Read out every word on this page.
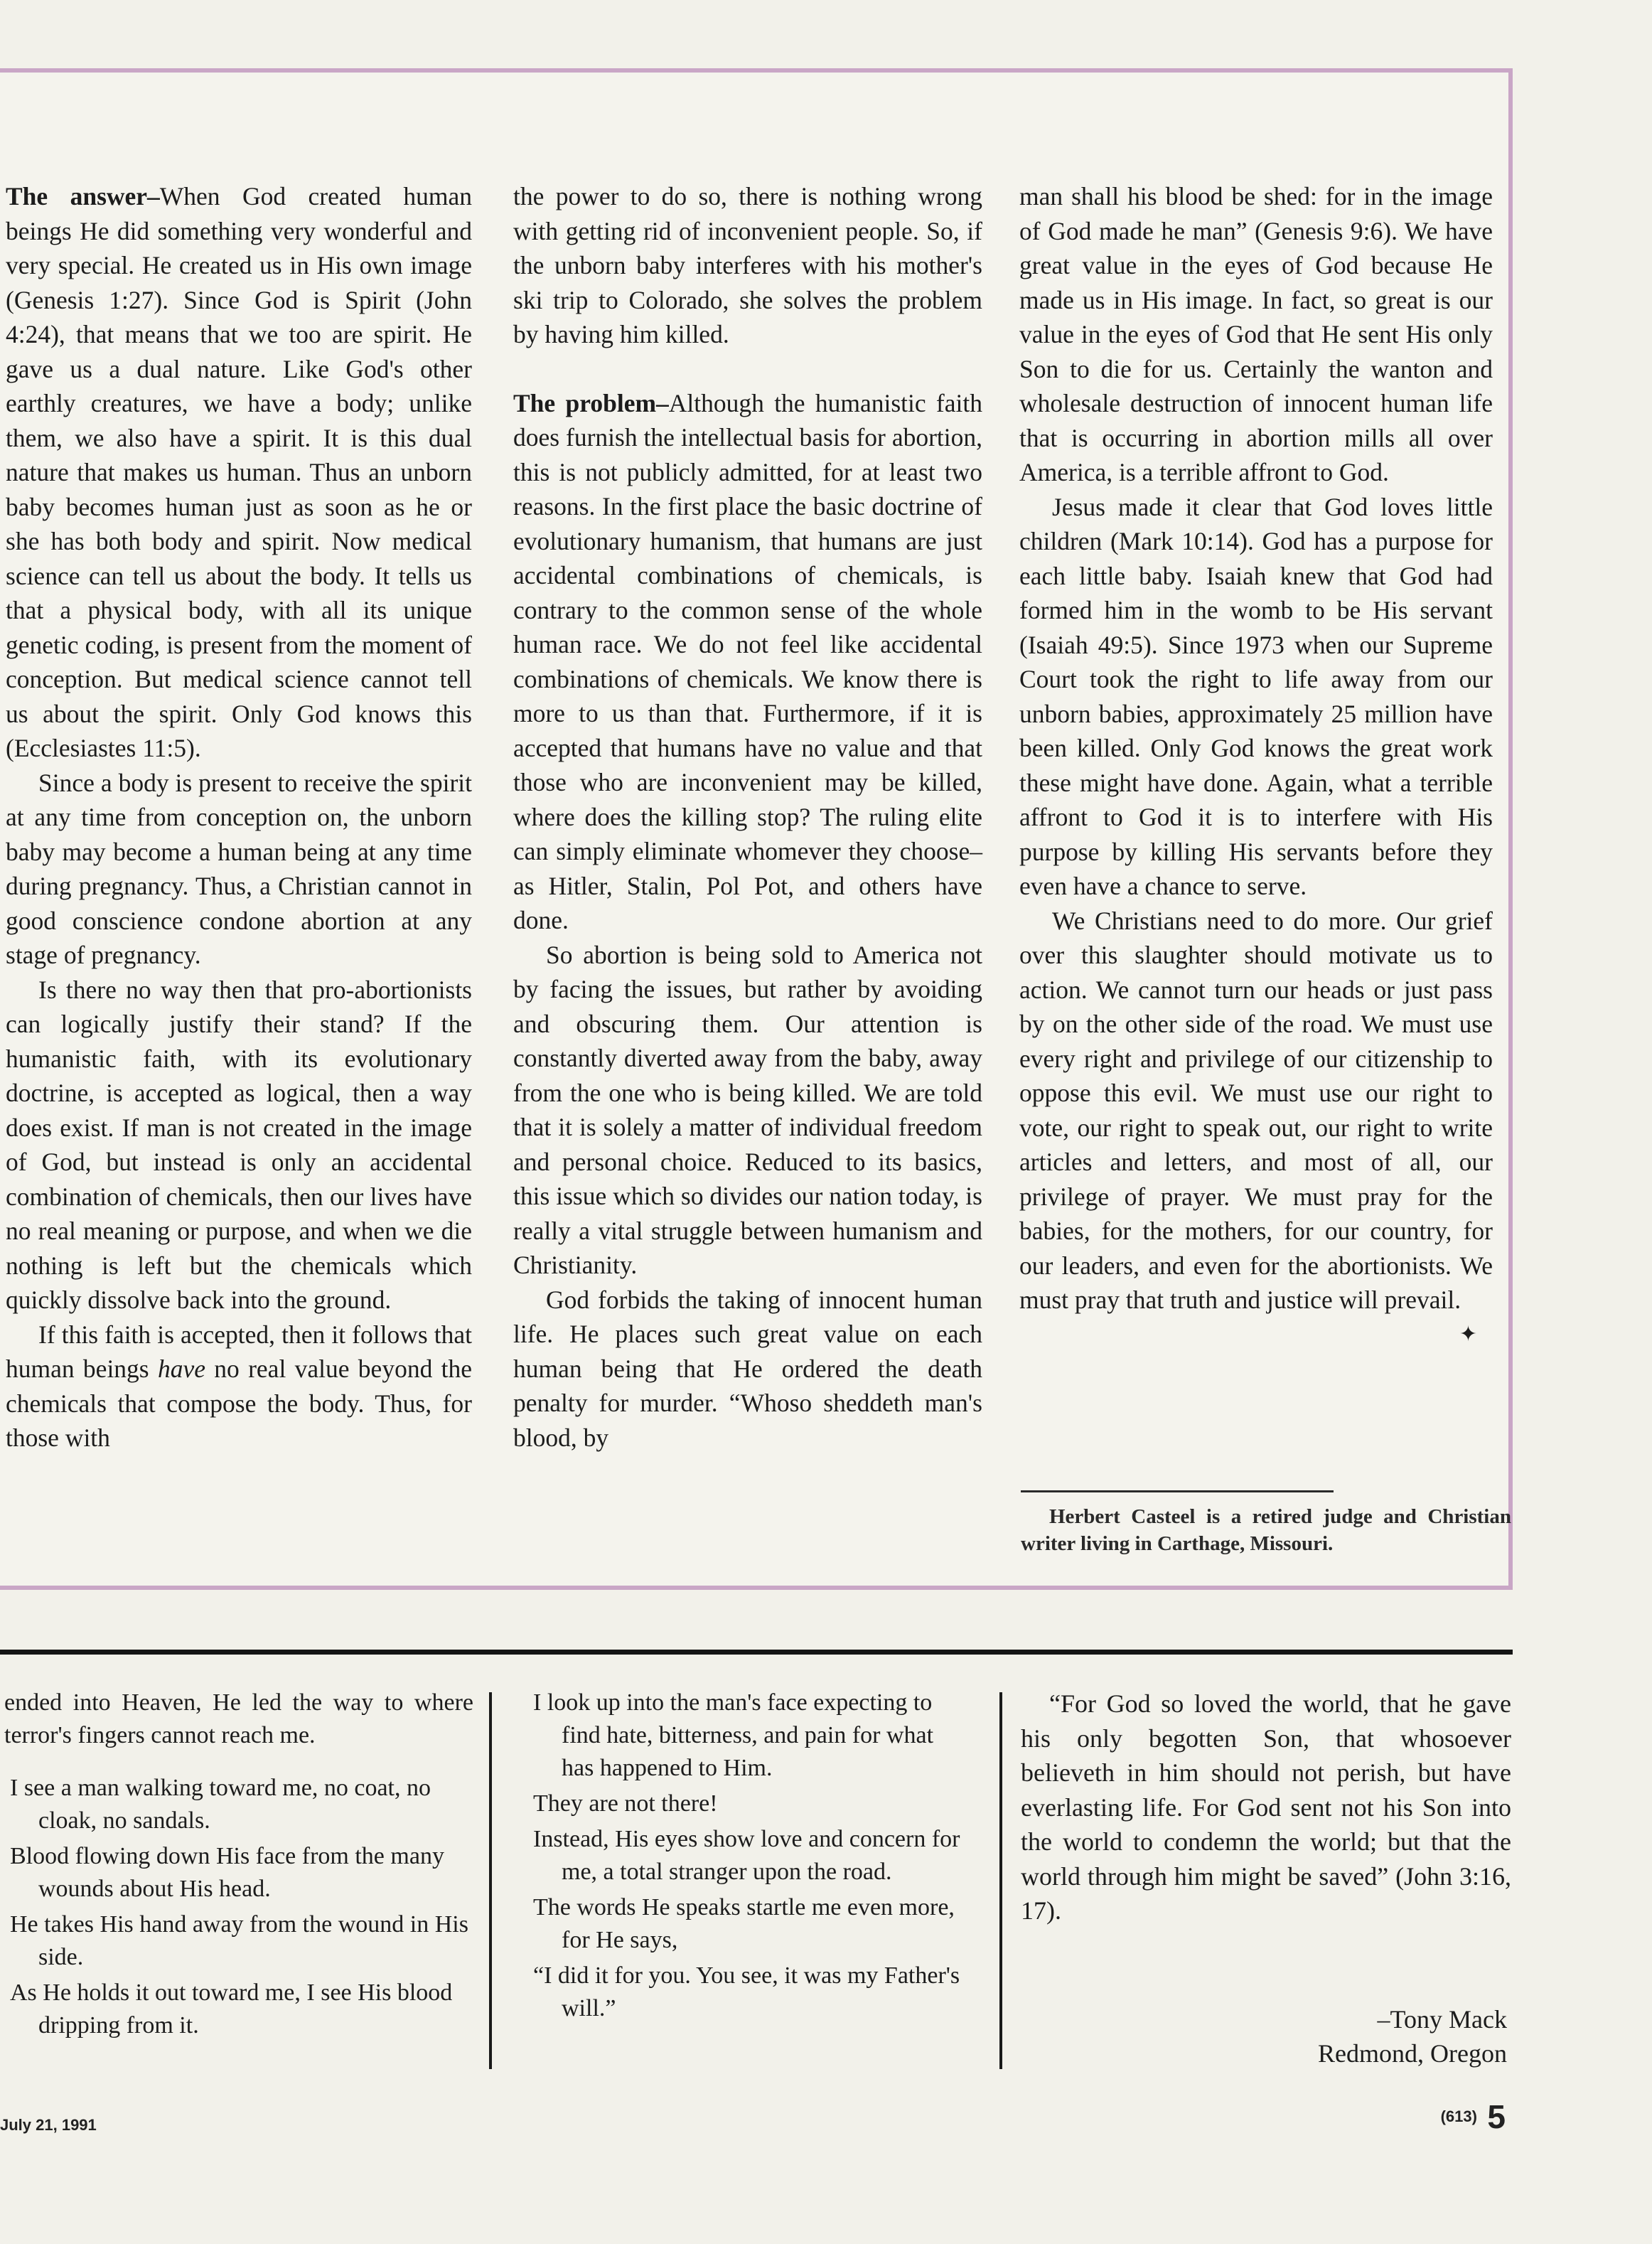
The answer–When God created human beings He did something very wonderful and very special. He created us in His own image (Genesis 1:27). Since God is Spirit (John 4:24), that means that we too are spirit. He gave us a dual nature. Like God's other earthly creatures, we have a body; unlike them, we also have a spirit. It is this dual nature that makes us human. Thus an unborn baby becomes human just as soon as he or she has both body and spirit. Now medical science can tell us about the body. It tells us that a physical body, with all its unique genetic coding, is present from the moment of conception. But medical science cannot tell us about the spirit. Only God knows this (Ecclesiastes 11:5).

Since a body is present to receive the spirit at any time from conception on, the unborn baby may become a human being at any time during pregnancy. Thus, a Christian cannot in good conscience condone abortion at any stage of pregnancy.

Is there no way then that pro-abortionists can logically justify their stand? If the humanistic faith, with its evolutionary doctrine, is accepted as logical, then a way does exist. If man is not created in the image of God, but instead is only an accidental combination of chemicals, then our lives have no real meaning or purpose, and when we die nothing is left but the chemicals which quickly dissolve back into the ground.

If this faith is accepted, then it follows that human beings have no real value beyond the chemicals that compose the body. Thus, for those with

the power to do so, there is nothing wrong with getting rid of inconvenient people. So, if the unborn baby interferes with his mother's ski trip to Colorado, she solves the problem by having him killed.

The problem–Although the humanistic faith does furnish the intellectual basis for abortion, this is not publicly admitted, for at least two reasons. In the first place the basic doctrine of evolutionary humanism, that humans are just accidental combinations of chemicals, is contrary to the common sense of the whole human race. We do not feel like accidental combinations of chemicals. We know there is more to us than that. Furthermore, if it is accepted that humans have no value and that those who are inconvenient may be killed, where does the killing stop? The ruling elite can simply eliminate whomever they choose–as Hitler, Stalin, Pol Pot, and others have done.

So abortion is being sold to America not by facing the issues, but rather by avoiding and obscuring them. Our attention is constantly diverted away from the baby, away from the one who is being killed. We are told that it is solely a matter of individual freedom and personal choice. Reduced to its basics, this issue which so divides our nation today, is really a vital struggle between humanism and Christianity.

God forbids the taking of innocent human life. He places such great value on each human being that He ordered the death penalty for murder. “Whoso sheddeth man's blood, by

man shall his blood be shed: for in the image of God made he man” (Genesis 9:6). We have great value in the eyes of God because He made us in His image. In fact, so great is our value in the eyes of God that He sent His only Son to die for us. Certainly the wanton and wholesale destruction of innocent human life that is occurring in abortion mills all over America, is a terrible affront to God.

Jesus made it clear that God loves little children (Mark 10:14). God has a purpose for each little baby. Isaiah knew that God had formed him in the womb to be His servant (Isaiah 49:5). Since 1973 when our Supreme Court took the right to life away from our unborn babies, approximately 25 million have been killed. Only God knows the great work these might have done. Again, what a terrible affront to God it is to interfere with His purpose by killing His servants before they even have a chance to serve.

We Christians need to do more. Our grief over this slaughter should motivate us to action. We cannot turn our heads or just pass by on the other side of the road. We must use every right and privilege of our citizenship to oppose this evil. We must use our right to vote, our right to speak out, our right to write articles and letters, and most of all, our privilege of prayer. We must pray for the babies, for the mothers, for our country, for our leaders, and even for the abortionists. We must pray that truth and justice will prevail.
✦

Herbert Casteel is a retired judge and Christian writer living in Carthage, Missouri.
ended into Heaven, He led the way to where terror's fingers cannot reach me.
I see a man walking toward me, no coat, no cloak, no sandals.
Blood flowing down His face from the many wounds about His head.
He takes His hand away from the wound in His side.
As He holds it out toward me, I see His blood dripping from it.
I look up into the man's face expecting to find hate, bitterness, and pain for what has happened to Him.
They are not there!
Instead, His eyes show love and concern for me, a total stranger upon the road.
The words He speaks startle me even more, for He says,
“I did it for you. You see, it was my Father's will.”

“For God so loved the world, that he gave his only begotten Son, that whosoever believeth in him should not perish, but have everlasting life. For God sent not his Son into the world to condemn the world; but that the world through him might be saved” (John 3:16, 17).

–Tony Mack
Redmond, Oregon
July 21, 1991	(613) 5
